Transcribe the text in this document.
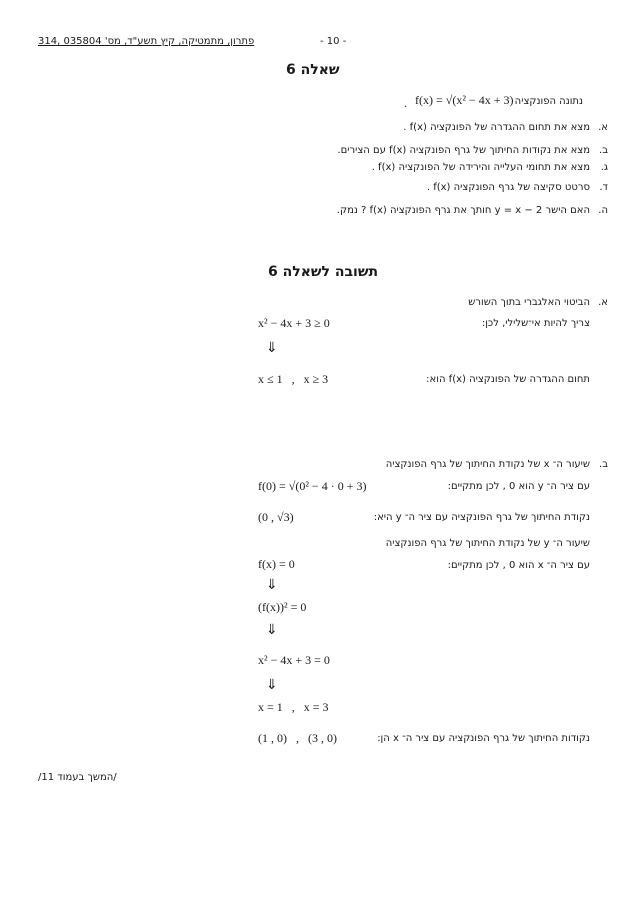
פתרון, מתמטיקה, קיץ תשע"ד, מס' 035804 ,314	- 10 -
שאלה 6
נתונה הפונקציה
f(x) = √(x² − 4x + 3)
.
א.
מצא את תחום ההגדרה של הפונקציה f(x) .
ב.
מצא את נקודות החיתוך של גרף הפונקציה f(x) עם הצירים.
ג.
מצא את תחומי העלייה והירידה של הפונקציה f(x) .
ד.
סרטט סקיצה של גרף הפונקציה f(x) .
ה.
האם הישר y = x − 2 חותך את גרף הפונקציה f(x) ? נמק.
תשובה לשאלה 6
א.
הביטוי האלגברי בתוך השורש
צריך להיות אי־שלילי, לכן:
x² − 4x + 3 ≥ 0
⇓
תחום ההגדרה של הפונקציה f(x) הוא:
x ≤ 1   ,   x ≥ 3
ב.
שיעור ה־ x של נקודת החיתוך של גרף הפונקציה
עם ציר ה־ y הוא 0 , לכן מתקיים:
f(0) = √(0² − 4 · 0 + 3)
נקודת החיתוך של גרף הפונקציה עם ציר ה־ y היא:
(0 , √3)
שיעור ה־ y של נקודת החיתוך של גרף הפונקציה
עם ציר ה־ x הוא 0 , לכן מתקיים:
f(x) = 0
⇓
(f(x))² = 0
⇓
x² − 4x + 3 = 0
⇓
x = 1   ,   x = 3
נקודות החיתוך של גרף הפונקציה עם ציר ה־ x הן:
(1 , 0)   ,   (3 , 0)
/המשך בעמוד 11/
